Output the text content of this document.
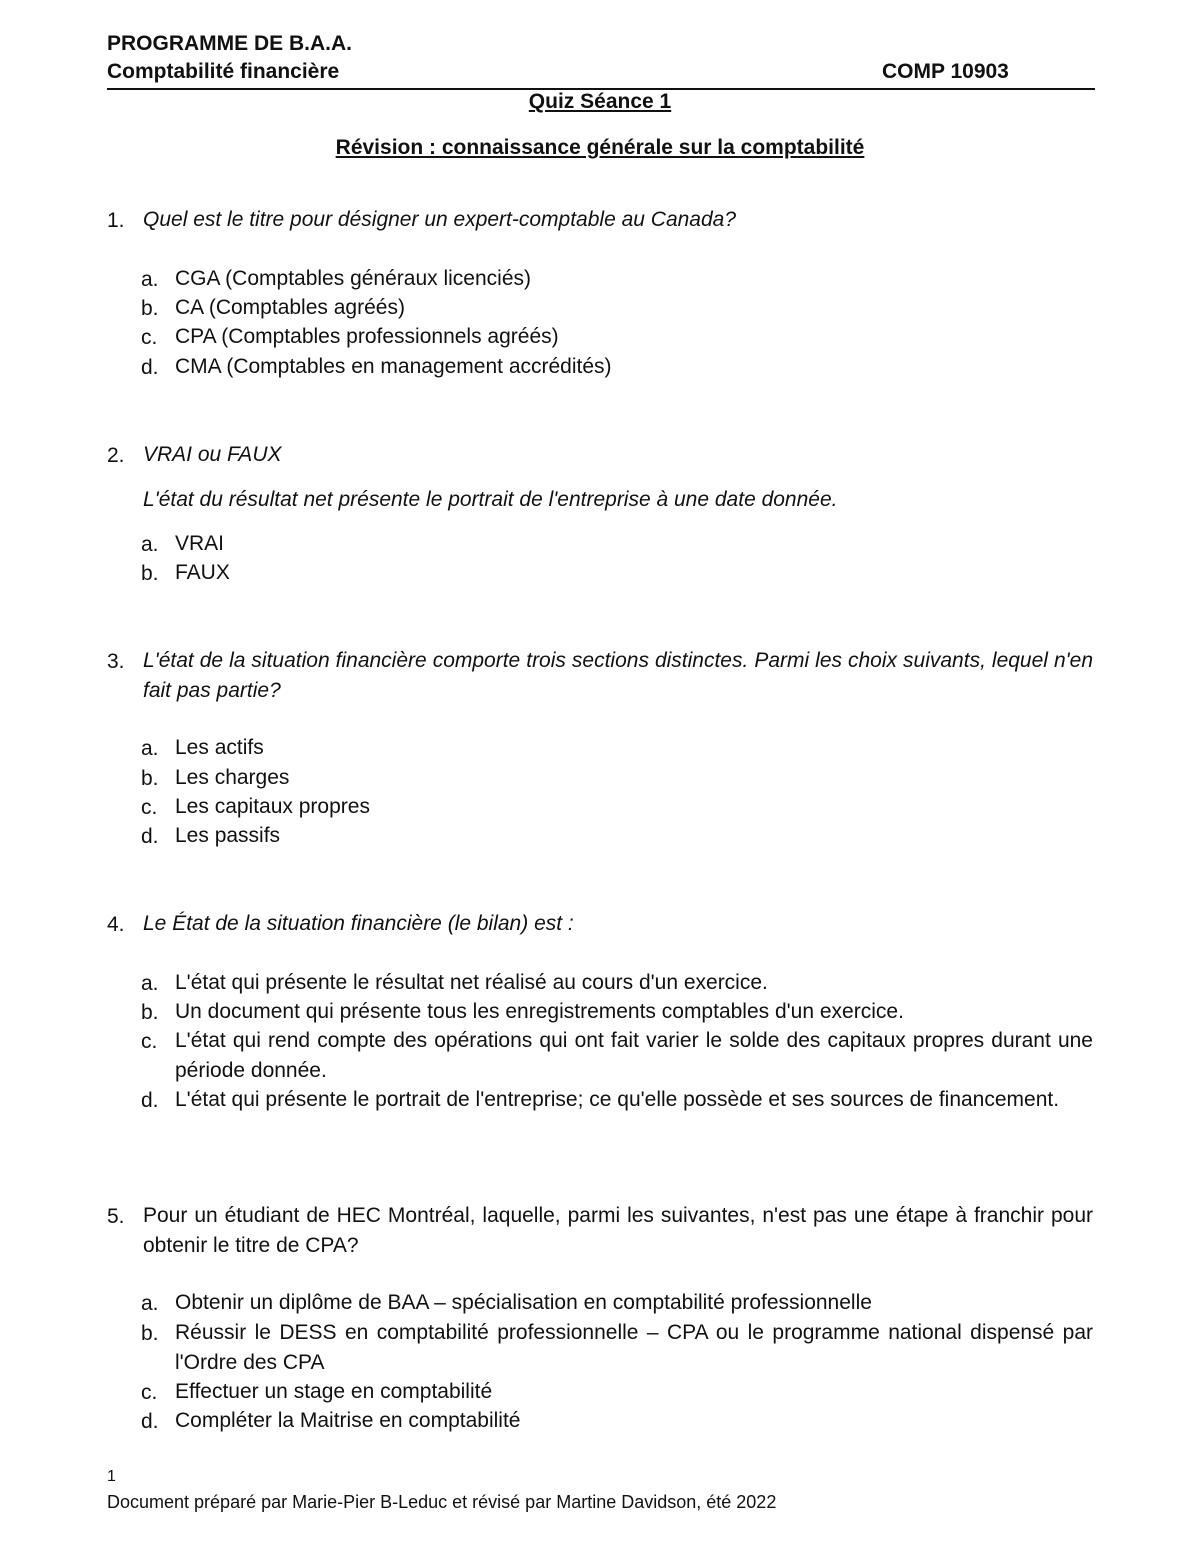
PROGRAMME DE B.A.A.
Comptabilité financière	COMP 10903
Quiz Séance 1
Révision : connaissance générale sur la comptabilité
1. Quel est le titre pour désigner un expert-comptable au Canada?
a. CGA (Comptables généraux licenciés)
b. CA (Comptables agréés)
c. CPA (Comptables professionnels agréés)
d. CMA (Comptables en management accrédités)
2. VRAI ou FAUX
L'état du résultat net présente le portrait de l'entreprise à une date donnée.
a. VRAI
b. FAUX
3. L'état de la situation financière comporte trois sections distinctes. Parmi les choix suivants, lequel n'en fait pas partie?
a. Les actifs
b. Les charges
c. Les capitaux propres
d. Les passifs
4. Le État de la situation financière (le bilan) est :
a. L'état qui présente le résultat net réalisé au cours d'un exercice.
b. Un document qui présente tous les enregistrements comptables d'un exercice.
c. L'état qui rend compte des opérations qui ont fait varier le solde des capitaux propres durant une période donnée.
d. L'état qui présente le portrait de l'entreprise; ce qu'elle possède et ses sources de financement.
5. Pour un étudiant de HEC Montréal, laquelle, parmi les suivantes, n'est pas une étape à franchir pour obtenir le titre de CPA?
a. Obtenir un diplôme de BAA – spécialisation en comptabilité professionnelle
b. Réussir le DESS en comptabilité professionnelle – CPA ou le programme national dispensé par l'Ordre des CPA
c. Effectuer un stage en comptabilité
d. Compléter la Maitrise en comptabilité
1
Document préparé par Marie-Pier B-Leduc et révisé par Martine Davidson, été 2022
